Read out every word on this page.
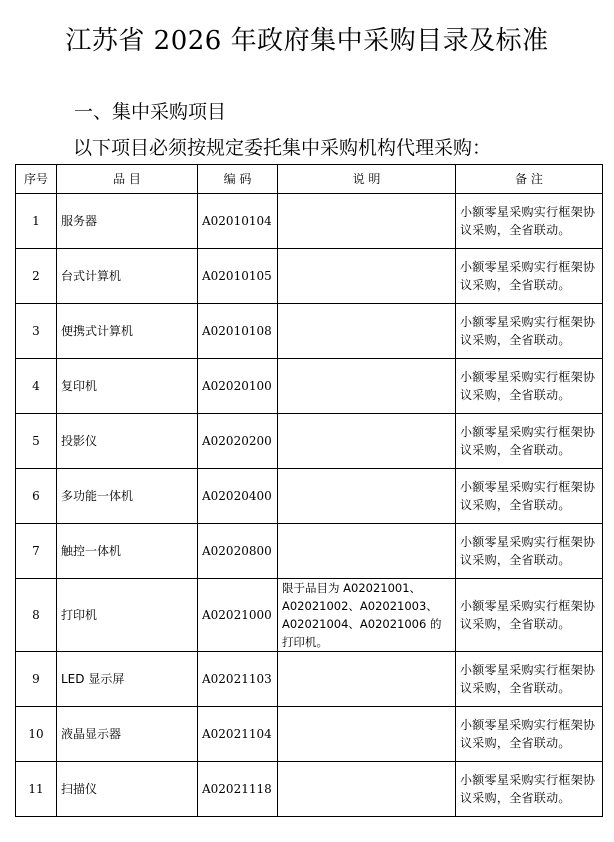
江苏省 2026 年政府集中采购目录及标准
一、集中采购项目
以下项目必须按规定委托集中采购机构代理采购：
序号	品 目	编 码	说 明	备 注
1	服务器	A02010104		小额零星采购实行框架协议采购，全省联动。
2	台式计算机	A02010105		小额零星采购实行框架协议采购，全省联动。
3	便携式计算机	A02010108		小额零星采购实行框架协议采购，全省联动。
4	复印机	A02020100		小额零星采购实行框架协议采购，全省联动。
5	投影仪	A02020200		小额零星采购实行框架协议采购，全省联动。
6	多功能一体机	A02020400		小额零星采购实行框架协议采购，全省联动。
7	触控一体机	A02020800		小额零星采购实行框架协议采购，全省联动。
8	打印机	A02021000	限于品目为 A02021001、A02021002、A02021003、A02021004、A02021006 的打印机。	小额零星采购实行框架协议采购，全省联动。
9	LED 显示屏	A02021103		小额零星采购实行框架协议采购，全省联动。
10	液晶显示器	A02021104		小额零星采购实行框架协议采购，全省联动。
11	扫描仪	A02021118		小额零星采购实行框架协议采购，全省联动。
